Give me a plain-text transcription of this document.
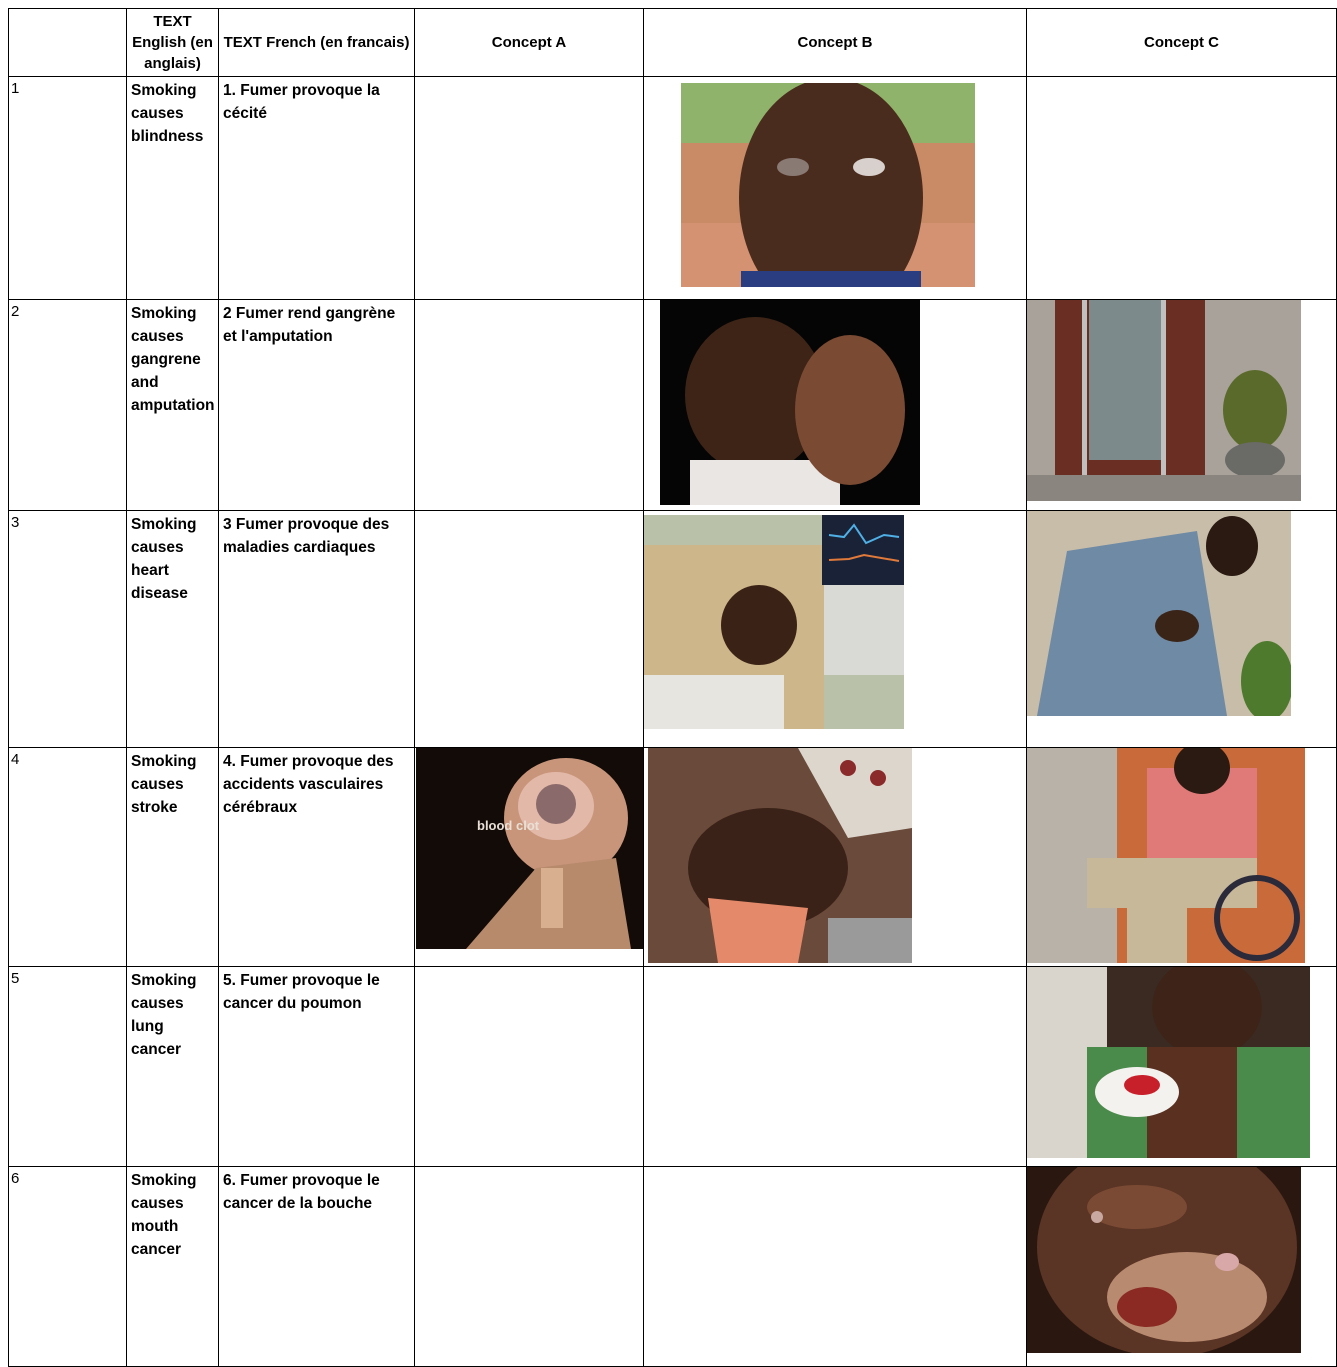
	TEXT English (en anglais)	TEXT French (en francais)	Concept A	Concept B	Concept C
1	Smoking causes blindness	1. Fumer provoque la cécité		

2	Smoking causes gangrene and amputation	2 Fumer rend gangrène et l'amputation		

3	Smoking causes heart disease	3 Fumer provoque des maladies cardiaques		

4	Smoking causes stroke	4. Fumer provoque des accidents vasculaires cérébraux	blood clot

5	Smoking causes lung cancer	5. Fumer provoque le cancer du poumon			

6	Smoking causes mouth cancer	6. Fumer provoque le cancer de la bouche			
